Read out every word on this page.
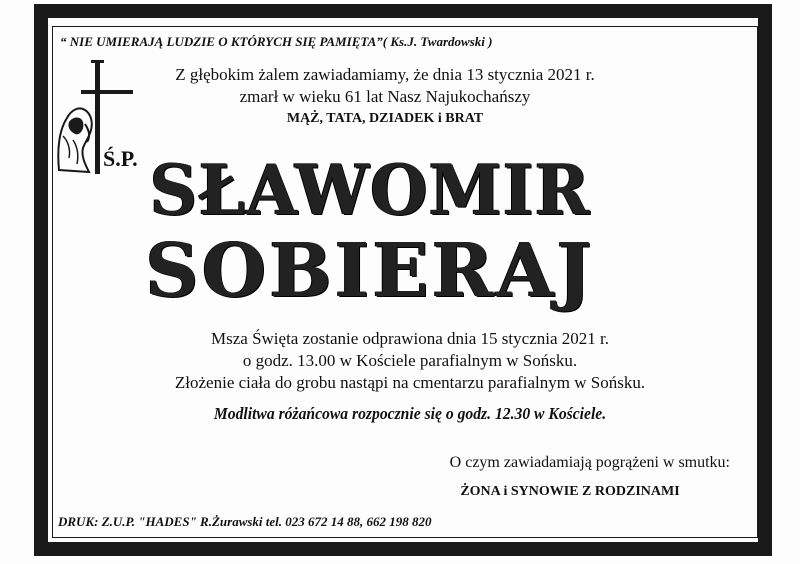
“ NIE UMIERAJĄ LUDZIE O KTÓRYCH SIĘ PAMIĘTA”( Ks.J. Twardowski )
Ś.P.
Z głębokim żalem zawiadamiamy, że dnia 13 stycznia 2021 r.
zmarł w wieku 61 lat Nasz Najukochańszy
MĄŻ, TATA, DZIADEK i BRAT
SŁAWOMIR
SOBIERAJ
Msza Święta zostanie odprawiona dnia 15 stycznia 2021 r.
o godz. 13.00 w Kościele parafialnym w Sońsku.
Złożenie ciała do grobu nastąpi na cmentarzu parafialnym w Sońsku.
Modlitwa różańcowa rozpocznie się o godz. 12.30 w Kościele.
O czym zawiadamiają pogrążeni w smutku:
ŻONA i SYNOWIE Z RODZINAMI
DRUK: Z.U.P. "HADES" R.Żurawski tel. 023 672 14 88, 662 198 820
